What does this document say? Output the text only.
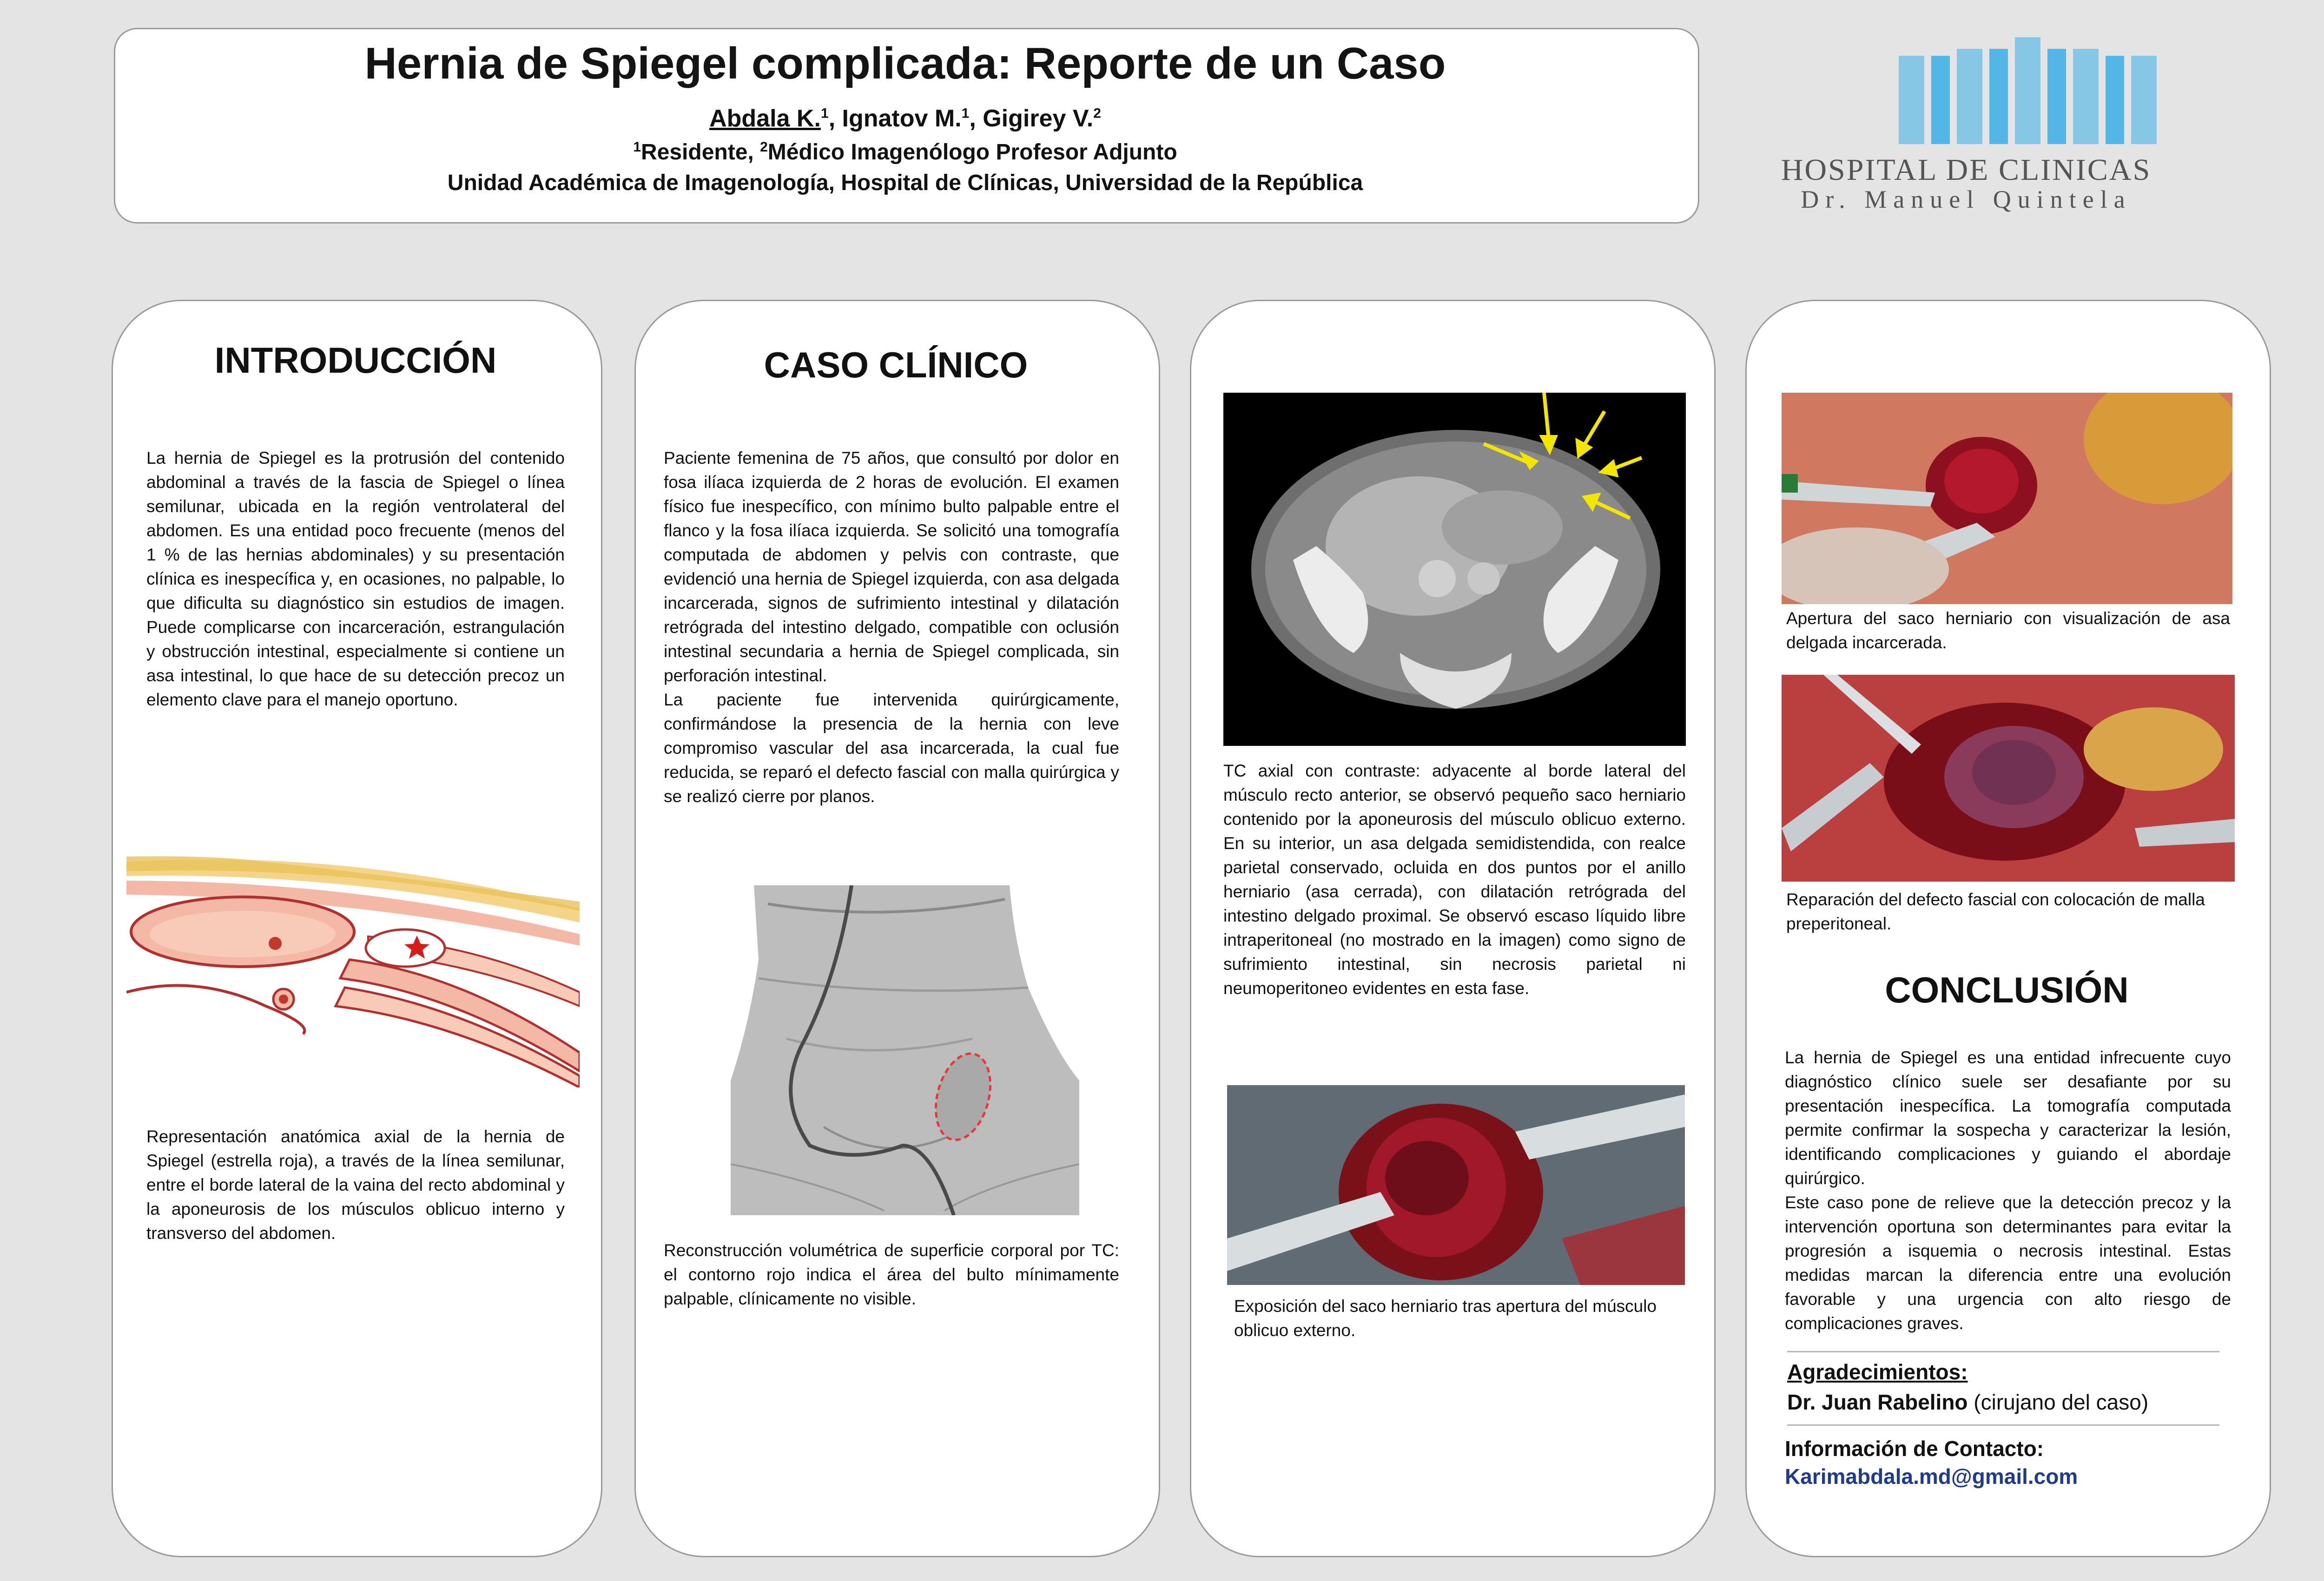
Hernia de Spiegel complicada: Reporte de un Caso
Abdala K.$^1$, Ignatov M.$^1$, Gigirey V.$^2$
$^1$Residente, $^2$Médico Imagenólogo Profesor Adjunto
Unidad Académica de Imagenología, Hospital de Clínicas, Universidad de la República	HOSPITAL DE CLINICAS
Dr. Manuel Quintela
INTRODUCCIÓN
La hernia de Spiegel es la protrusión del contenido abdominal a través de la fascia de Spiegel o línea semilunar, ubicada en la región ventrolateral del abdomen. Es una entidad poco frecuente (menos del 1 % de las hernias abdominales) y su presentación clínica es inespecífica y, en ocasiones, no palpable, lo que dificulta su diagnóstico sin estudios de imagen. Puede complicarse con incarceración, estrangulación y obstrucción intestinal, especialmente si contiene un asa intestinal, lo que hace de su detección precoz un elemento clave para el manejo oportuno.
Representación anatómica axial de la hernia de Spiegel (estrella roja), a través de la línea semilunar, entre el borde lateral de la vaina del recto abdominal y la aponeurosis de los músculos oblicuo interno y transverso del abdomen.
CASO CLÍNICO
Paciente femenina de 75 años, que consultó por dolor en fosa ilíaca izquierda de 2 horas de evolución. El examen físico fue inespecífico, con mínimo bulto palpable entre el flanco y la fosa ilíaca izquierda. Se solicitó una tomografía computada de abdomen y pelvis con contraste, que evidenció una hernia de Spiegel izquierda, con asa delgada incarcerada, signos de sufrimiento intestinal y dilatación retrógrada del intestino delgado, compatible con oclusión intestinal secundaria a hernia de Spiegel complicada, sin perforación intestinal.
La paciente fue intervenida quirúrgicamente, confirmándose la presencia de la hernia con leve compromiso vascular del asa incarcerada, la cual fue reducida, se reparó el defecto fascial con malla quirúrgica y se realizó cierre por planos.
Reconstrucción volumétrica de superficie corporal por TC: el contorno rojo indica el área del bulto mínimamente palpable, clínicamente no visible.
TC axial con contraste: adyacente al borde lateral del músculo recto anterior, se observó pequeño saco herniario contenido por la aponeurosis del músculo oblicuo externo. En su interior, un asa delgada semidistendida, con realce parietal conservado, ocluida en dos puntos por el anillo herniario (asa cerrada), con dilatación retrógrada del intestino delgado proximal. Se observó escaso líquido libre intraperitoneal (no mostrado en la imagen) como signo de sufrimiento intestinal, sin necrosis parietal ni neumoperitoneo evidentes en esta fase.
Exposición del saco herniario tras apertura del músculo oblicuo externo.
Apertura del saco herniario con visualización de asa delgada incarcerada.
Reparación del defecto fascial con colocación de malla preperitoneal.
CONCLUSIÓN
La hernia de Spiegel es una entidad infrecuente cuyo diagnóstico clínico suele ser desafiante por su presentación inespecífica. La tomografía computada permite confirmar la sospecha y caracterizar la lesión, identificando complicaciones y guiando el abordaje quirúrgico.
Este caso pone de relieve que la detección precoz y la intervención oportuna son determinantes para evitar la progresión a isquemia o necrosis intestinal. Estas medidas marcan la diferencia entre una evolución favorable y una urgencia con alto riesgo de complicaciones graves.
Agradecimientos:
Dr. Juan Rabelino (cirujano del caso)
Información de Contacto:
Karimabdala.md@gmail.com
